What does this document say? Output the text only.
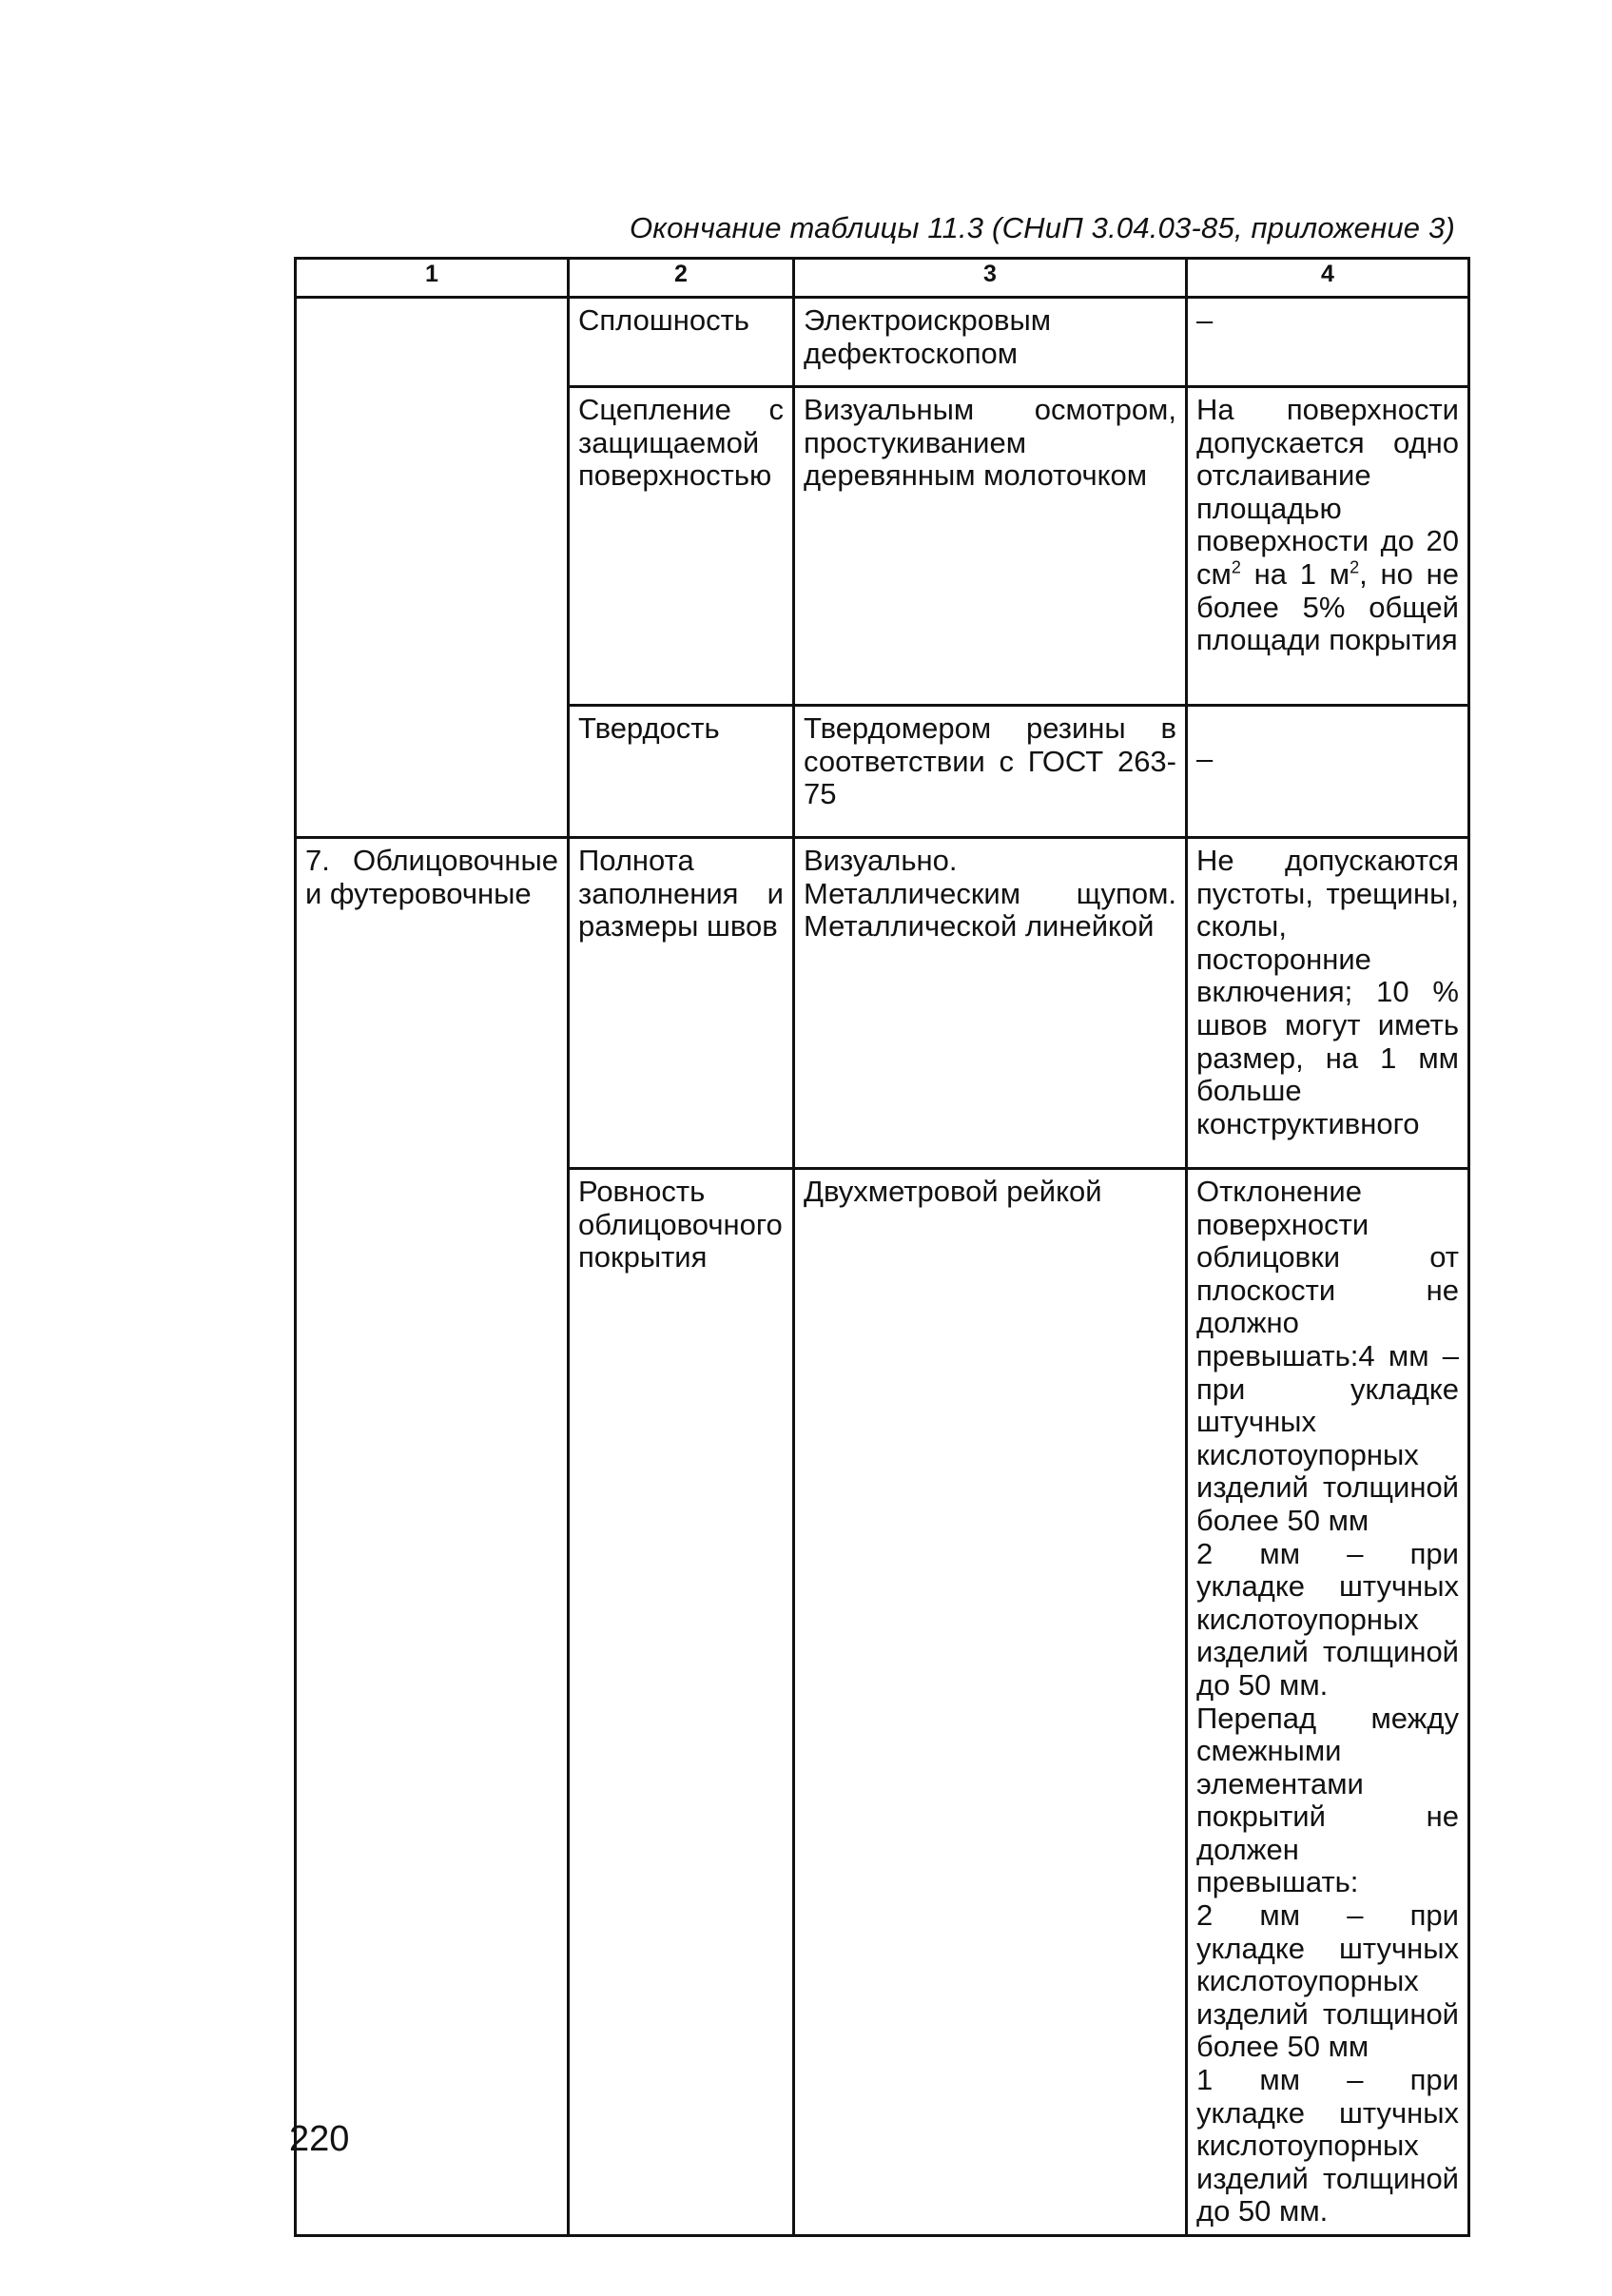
Окончание таблицы 11.3 (СНиП 3.04.03-85, приложение 3)
1	2	3	4
	Сплошность	Электроискровым дефектоскопом	–
	Сцепление с защищаемой поверхностью	Визуальным осмотром, простукиванием деревянным молоточком	На поверхности допускается одно отслаивание площадью поверхности до 20 $см^2$ на 1 $м^2$, но не более 5% общей площади покрытия
	Твердость	Твердомером резины в соответствии с ГОСТ 263-75	–
7. Облицовочные и футеровочные	Полнота заполнения и размеры швов	Визуально. Металлическим щупом. Металлической линейкой	Не допускаются пустоты, трещины, сколы, посторонние включения; 10 % швов могут иметь размер, на 1 мм больше конструктивного
	Ровность облицовочного покрытия	Двухметровой рейкой	Отклонение поверхности облицовки от плоскости не должно превышать:4 мм – при укладке штучных кислотоупорных изделий толщиной более 50 мм
2 мм – при укладке штучных кислотоупорных изделий толщиной до 50 мм.
Перепад между смежными элементами покрытий не должен превышать:
2 мм – при укладке штучных кислотоупорных изделий толщиной более 50 мм
1 мм – при укладке штучных кислотоупорных изделий толщиной до 50 мм.
220
